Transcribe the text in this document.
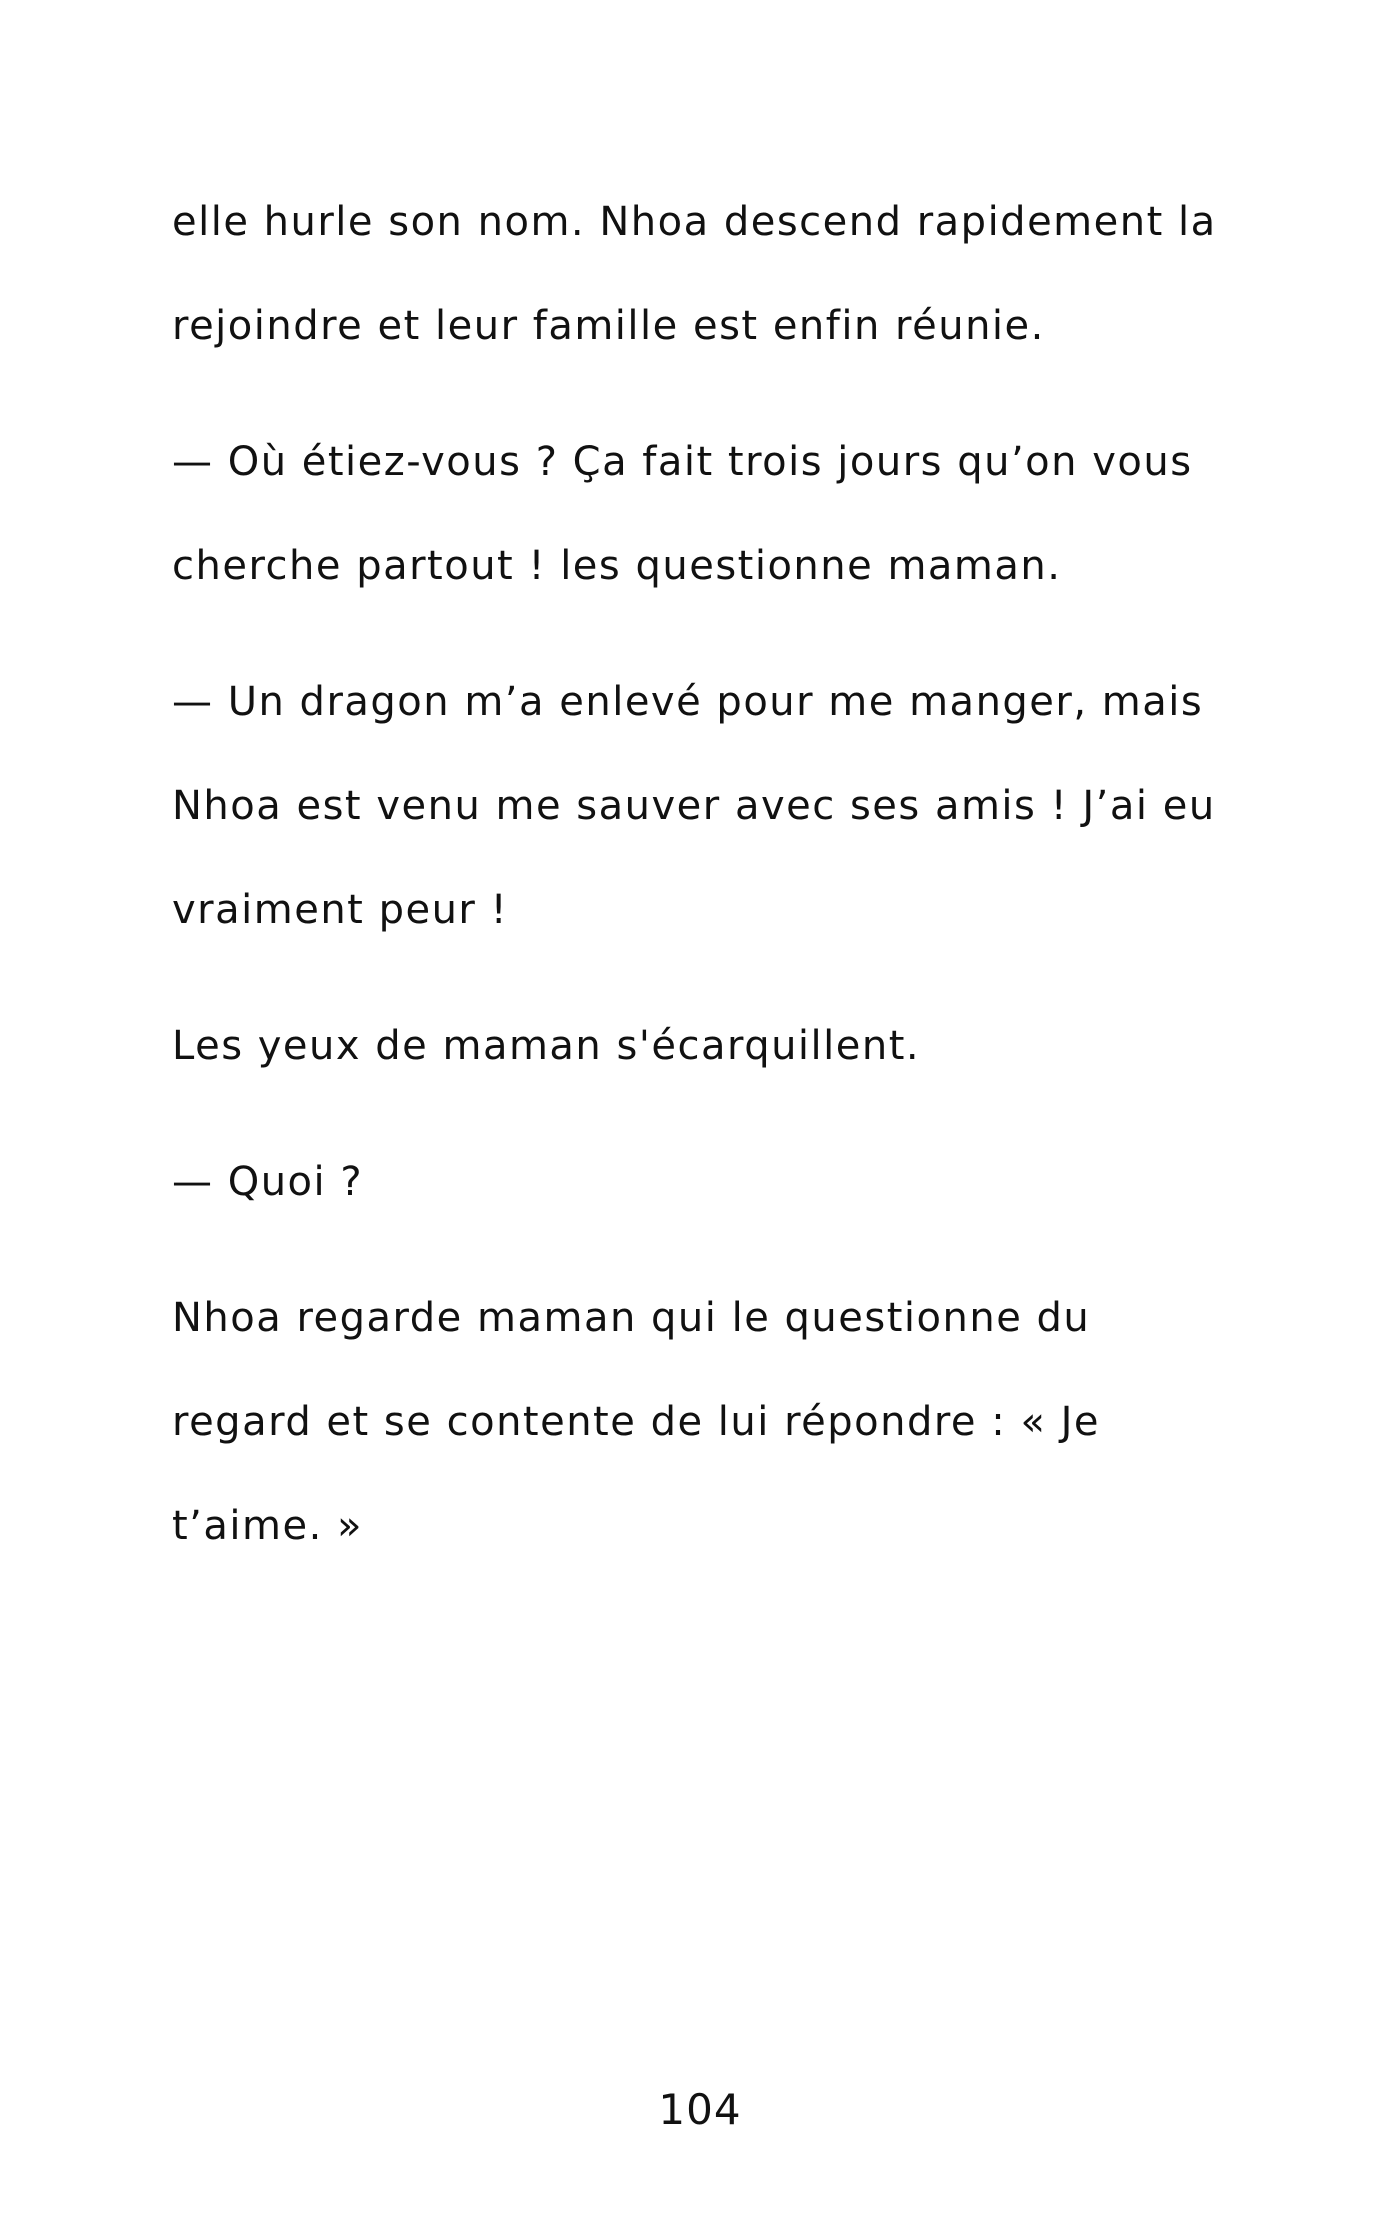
elle hurle son nom. Nhoa descend rapidement la rejoindre et leur famille est enfin réunie.

— Où étiez-vous ? Ça fait trois jours qu’on vous cherche partout ! les questionne maman.

— Un dragon m’a enlevé pour me manger, mais Nhoa est venu me sauver avec ses amis ! J’ai eu vraiment peur !

Les yeux de maman s'écarquillent.

— Quoi ?

Nhoa regarde maman qui le questionne du regard et se contente de lui répondre : « Je t’aime. »

104
